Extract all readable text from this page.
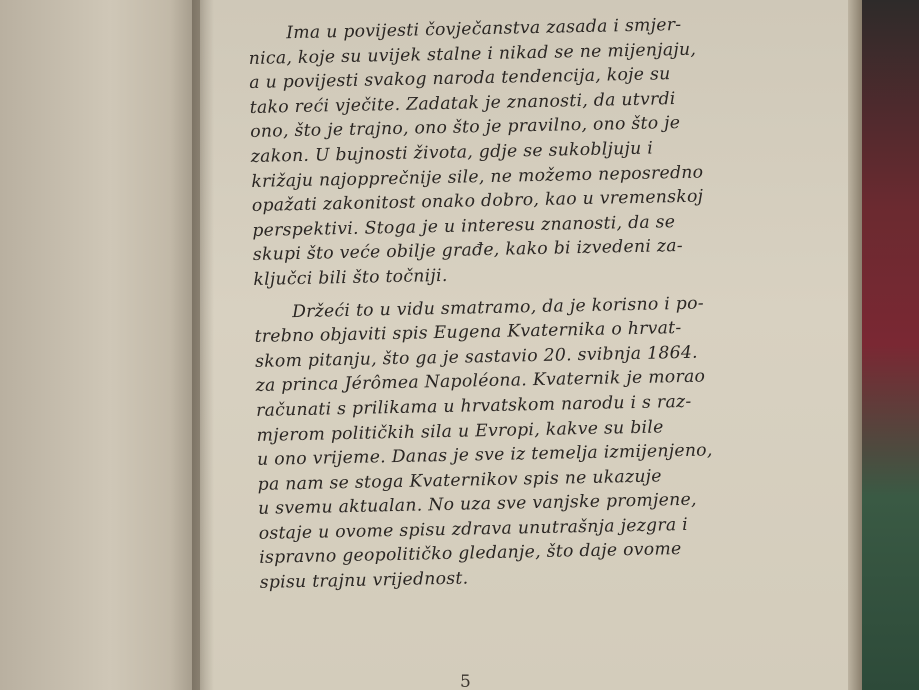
Ima u povijesti čovječanstva zasada i smjer-
nica, koje su uvijek stalne i nikad se ne mijenjaju,
a u povijesti svakog naroda tendencija, koje su
tako reći vječite. Zadatak je znanosti, da utvrdi
ono, što je trajno, ono što je pravilno, ono što je
zakon. U bujnosti života, gdje se sukobljuju i
križaju najopprečnije sile, ne možemo neposredno
opažati zakonitost onako dobro, kao u vremenskoj
perspektivi. Stoga je u interesu znanosti, da se
skupi što veće obilje građe, kako bi izvedeni za-
ključci bili što točniji.
Držeći to u vidu smatramo, da je korisno i po-
trebno objaviti spis Eugena Kvaternika o hrvat-
skom pitanju, što ga je sastavio 20. svibnja 1864.
za princa Jérômea Napoléona. Kvaternik je morao
računati s prilikama u hrvatskom narodu i s raz-
mjerom političkih sila u Evropi, kakve su bile
u ono vrijeme. Danas je sve iz temelja izmijenjeno,
pa nam se stoga Kvaternikov spis ne ukazuje
u svemu aktualan. No uza sve vanjske promjene,
ostaje u ovome spisu zdrava unutrašnja jezgra i
ispravno geopolitičko gledanje, što daje ovome
spisu trajnu vrijednost.
5
